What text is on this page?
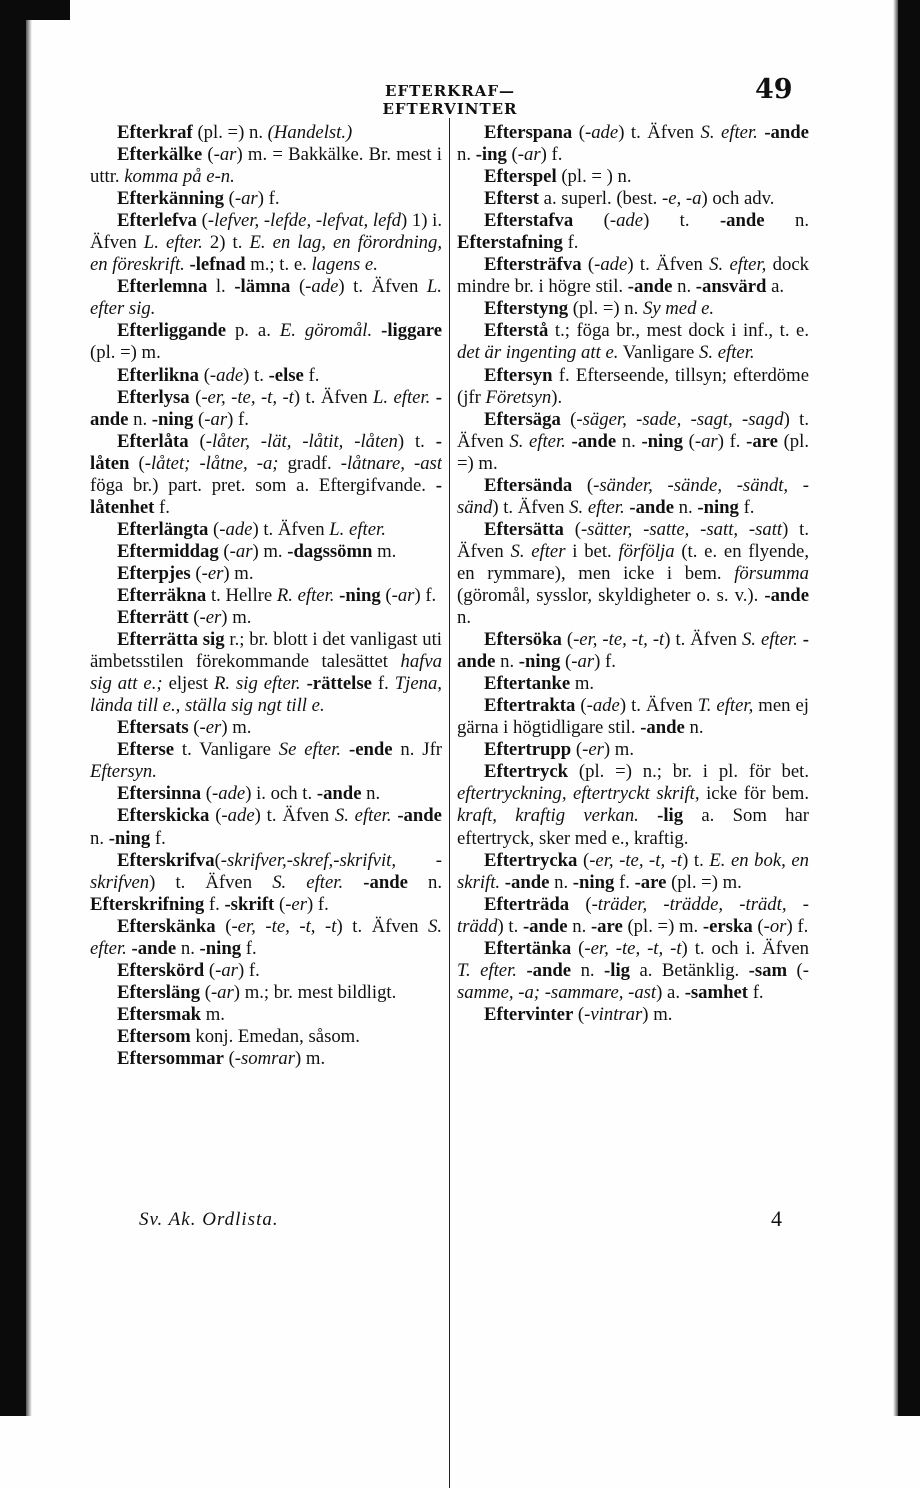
EFTERKRAF—EFTERVINTER
49

Efterkraf (pl. =) n. (Handelst.)

Efterkälke (-ar) m. = Bakkälke. Br. mest i uttr. komma på e-n.

Efterkänning (-ar) f.

Efterlefva (-lefver, -lefde, -lefvat, lefd) 1) i. Äfven L. efter. 2) t. E. en lag, en förordning, en föreskrift. -lefnad m.; t. e. lagens e.

Efterlemna l. -lämna (-ade) t. Äfven L. efter sig.

Efterliggande p. a. E. göromål. -liggare (pl. =) m.

Efterlikna (-ade) t. -else f.

Efterlysa (-er, -te, -t, -t) t. Äfven L. efter. -ande n. -ning (-ar) f.

Efterlåta (-låter, -lät, -låtit, -låten) t. -låten (-låtet; -låtne, -a; gradf. -låtnare, -ast föga br.) part. pret. som a. Eftergifvande. -låtenhet f.

Efterlängta (-ade) t. Äfven L. efter.

Eftermiddag (-ar) m. -dagssömn m.

Efterpjes (-er) m.

Efterräkna t. Hellre R. efter. -ning (-ar) f.

Efterrätt (-er) m.

Efterrätta sig r.; br. blott i det vanligast uti ämbetsstilen förekommande talesättet hafva sig att e.; eljest R. sig efter. -rättelse f. Tjena, lända till e., ställa sig ngt till e.

Eftersats (-er) m.

Efterse t. Vanligare Se efter. -ende n. Jfr Eftersyn.

Eftersinna (-ade) i. och t. -ande n.

Efterskicka (-ade) t. Äfven S. efter. -ande n. -ning f.

Efterskrifva(-skrifver,-skref,-skrifvit, -skrifven) t. Äfven S. efter. -ande n. Efterskrifning f. -skrift (-er) f.

Efterskänka (-er, -te, -t, -t) t. Äfven S. efter. -ande n. -ning f.

Efterskörd (-ar) f.

Eftersläng (-ar) m.; br. mest bildligt.

Eftersmak m.

Eftersom konj. Emedan, såsom.

Eftersommar (-somrar) m.

Efterspana (-ade) t. Äfven S. efter. -ande n. -ing (-ar) f.

Efterspel (pl. = ) n.

Efterst a. superl. (best. -e, -a) och adv.

Efterstafva (-ade) t. -ande n. Efterstafning f.

Eftersträfva (-ade) t. Äfven S. efter, dock mindre br. i högre stil. -ande n. -ansvärd a.

Efterstyng (pl. =) n. Sy med e.

Efterstå t.; föga br., mest dock i inf., t. e. det är ingenting att e. Vanligare S. efter.

Eftersyn f. Efterseende, tillsyn; efterdöme (jfr Företsyn).

Eftersäga (-säger, -sade, -sagt, -sagd) t. Äfven S. efter. -ande n. -ning (-ar) f. -are (pl. =) m.

Eftersända (-sänder, -sände, -sändt, -sänd) t. Äfven S. efter. -ande n. -ning f.

Eftersätta (-sätter, -satte, -satt, -satt) t. Äfven S. efter i bet. förfölja (t. e. en flyende, en rymmare), men icke i bem. försumma (göromål, sysslor, skyldigheter o. s. v.). -ande n.

Eftersöka (-er, -te, -t, -t) t. Äfven S. efter. -ande n. -ning (-ar) f.

Eftertanke m.

Eftertrakta (-ade) t. Äfven T. efter, men ej gärna i högtidligare stil. -ande n.

Eftertrupp (-er) m.

Eftertryck (pl. =) n.; br. i pl. för bet. eftertryckning, eftertryckt skrift, icke för bem. kraft, kraftig verkan. -lig a. Som har eftertryck, sker med e., kraftig.

Eftertrycka (-er, -te, -t, -t) t. E. en bok, en skrift. -ande n. -ning f. -are (pl. =) m.

Efterträda (-träder, -trädde, -trädt, -trädd) t. -ande n. -are (pl. =) m. -erska (-or) f.

Eftertänka (-er, -te, -t, -t) t. och i. Äfven T. efter. -ande n. -lig a. Betänklig. -sam (-samme, -a; -sammare, -ast) a. -samhet f.

Eftervinter (-vintrar) m.

Sv. Ak. Ordlista.	4
